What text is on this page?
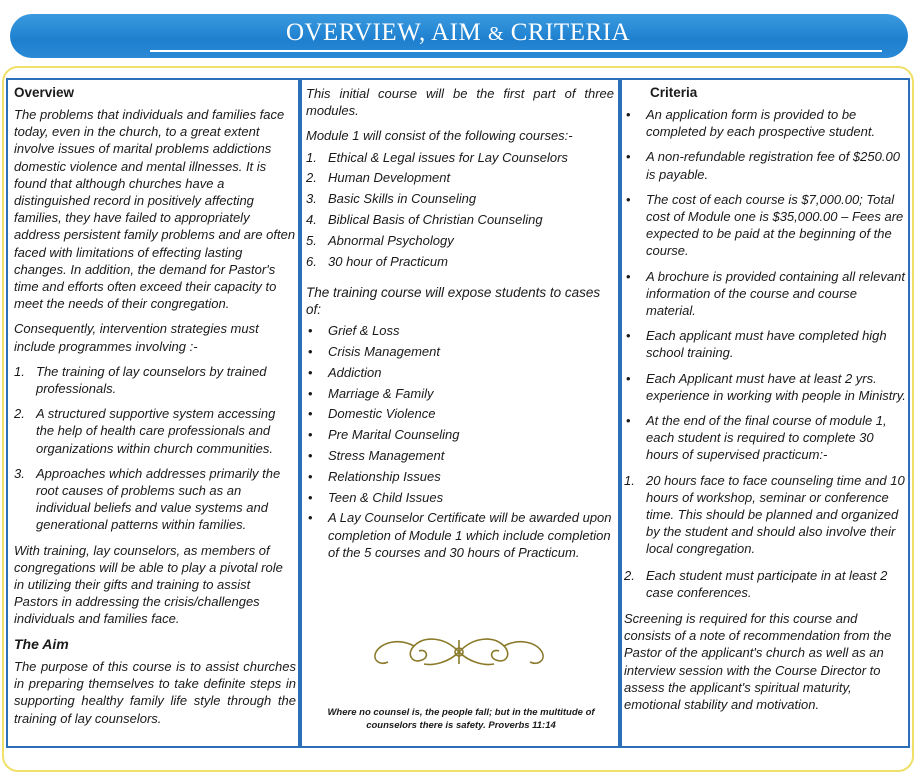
OVERVIEW, AIM & CRITERIA
Overview
The problems that individuals and families face today, even in the church, to a great extent involve issues of marital problems addictions domestic violence and mental illnesses. It is found that although churches have a distinguished record in positively affecting families, they have failed to appropriately address persistent family problems and are often faced with limitations of effecting lasting changes. In addition, the demand for Pastor's time and efforts often exceed their capacity to meet the needs of their congregation.
Consequently, intervention strategies must include programmes involving :-
1. The training of lay counselors by trained professionals.
2. A structured supportive system accessing the help of health care professionals and organizations within church communities.
3. Approaches which addresses primarily the root causes of problems such as an individual beliefs and value systems and generational patterns within families.
With training, lay counselors, as members of congregations will be able to play a pivotal role in utilizing their gifts and training to assist Pastors in addressing the crisis/challenges individuals and families face.
The Aim
The purpose of this course is to assist churches in preparing themselves to take definite steps in supporting healthy family life style through the training of lay counselors.
This initial course will be the first part of three modules.
Module 1 will consist of the following courses:-
1. Ethical & Legal issues for Lay Counselors
2. Human Development
3. Basic Skills in Counseling
4. Biblical Basis of Christian Counseling
5. Abnormal Psychology
6. 30 hour of Practicum
The training course will expose students to cases of:
• Grief & Loss
• Crisis Management
• Addiction
• Marriage & Family
• Domestic Violence
• Pre Marital Counseling
• Stress Management
• Relationship Issues
• Teen & Child Issues
• A Lay Counselor Certificate will be awarded upon completion of Module 1 which include completion of the 5 courses and 30 hours of Practicum.
Where no counsel is, the people fall; but in the multitude of counselors there is safety. Proverbs 11:14
Criteria
• An application form is provided to be completed by each prospective student.
• A non-refundable registration fee of $250.00 is payable.
• The cost of each course is $7,000.00; Total cost of Module one is $35,000.00 – Fees are expected to be paid at the beginning of the course.
• A brochure is provided containing all relevant information of the course and course material.
• Each applicant must have completed high school training.
• Each Applicant must have at least 2 yrs. experience in working with people in Ministry.
• At the end of the final course of module 1, each student is required to complete 30 hours of supervised practicum:-
1. 20 hours face to face counseling time and 10 hours of workshop, seminar or conference time. This should be planned and organized by the student and should also involve their local congregation.
2. Each student must participate in at least 2 case conferences.
Screening is required for this course and consists of a note of recommendation from the Pastor of the applicant's church as well as an interview session with the Course Director to assess the applicant's spiritual maturity, emotional stability and motivation.
